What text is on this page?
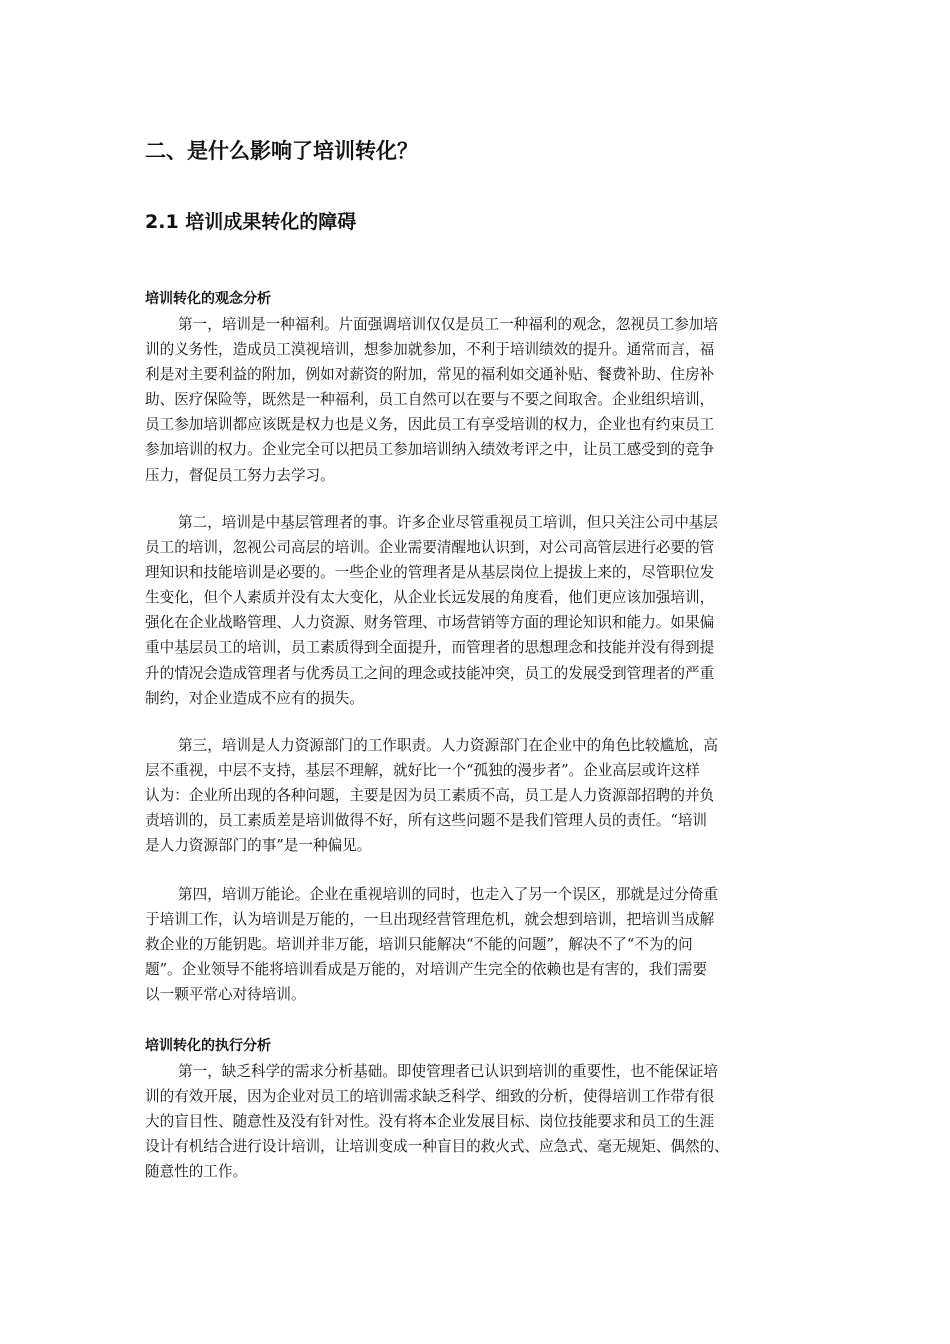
二、是什么影响了培训转化？
2.1 培训成果转化的障碍
培训转化的观念分析
第一，培训是一种福利。片面强调培训仅仅是员工一种福利的观念，忽视员工参加培
训的义务性，造成员工漠视培训，想参加就参加，不利于培训绩效的提升。通常而言，福
利是对主要利益的附加，例如对薪资的附加，常见的福利如交通补贴、餐费补助、住房补
助、医疗保险等，既然是一种福利，员工自然可以在要与不要之间取舍。企业组织培训，
员工参加培训都应该既是权力也是义务，因此员工有享受培训的权力，企业也有约束员工
参加培训的权力。企业完全可以把员工参加培训纳入绩效考评之中，让员工感受到的竞争
压力，督促员工努力去学习。
第二，培训是中基层管理者的事。许多企业尽管重视员工培训，但只关注公司中基层
员工的培训，忽视公司高层的培训。企业需要清醒地认识到，对公司高管层进行必要的管
理知识和技能培训是必要的。一些企业的管理者是从基层岗位上提拔上来的，尽管职位发
生变化，但个人素质并没有太大变化，从企业长远发展的角度看，他们更应该加强培训，
强化在企业战略管理、人力资源、财务管理、市场营销等方面的理论知识和能力。如果偏
重中基层员工的培训，员工素质得到全面提升，而管理者的思想理念和技能并没有得到提
升的情况会造成管理者与优秀员工之间的理念或技能冲突，员工的发展受到管理者的严重
制约，对企业造成不应有的损失。
第三，培训是人力资源部门的工作职责。人力资源部门在企业中的角色比较尴尬，高
层不重视，中层不支持，基层不理解，就好比一个“孤独的漫步者”。企业高层或许这样
认为：企业所出现的各种问题，主要是因为员工素质不高，员工是人力资源部招聘的并负
责培训的，员工素质差是培训做得不好，所有这些问题不是我们管理人员的责任。“培训
是人力资源部门的事”是一种偏见。
第四，培训万能论。企业在重视培训的同时，也走入了另一个误区，那就是过分倚重
于培训工作，认为培训是万能的，一旦出现经营管理危机，就会想到培训，把培训当成解
救企业的万能钥匙。培训并非万能，培训只能解决“不能的问题”，解决不了“不为的问
题”。企业领导不能将培训看成是万能的，对培训产生完全的依赖也是有害的，我们需要
以一颗平常心对待培训。
培训转化的执行分析
第一，缺乏科学的需求分析基础。即使管理者已认识到培训的重要性，也不能保证培
训的有效开展，因为企业对员工的培训需求缺乏科学、细致的分析，使得培训工作带有很
大的盲目性、随意性及没有针对性。没有将本企业发展目标、岗位技能要求和员工的生涯
设计有机结合进行设计培训，让培训变成一种盲目的救火式、应急式、毫无规矩、偶然的、
随意性的工作。
